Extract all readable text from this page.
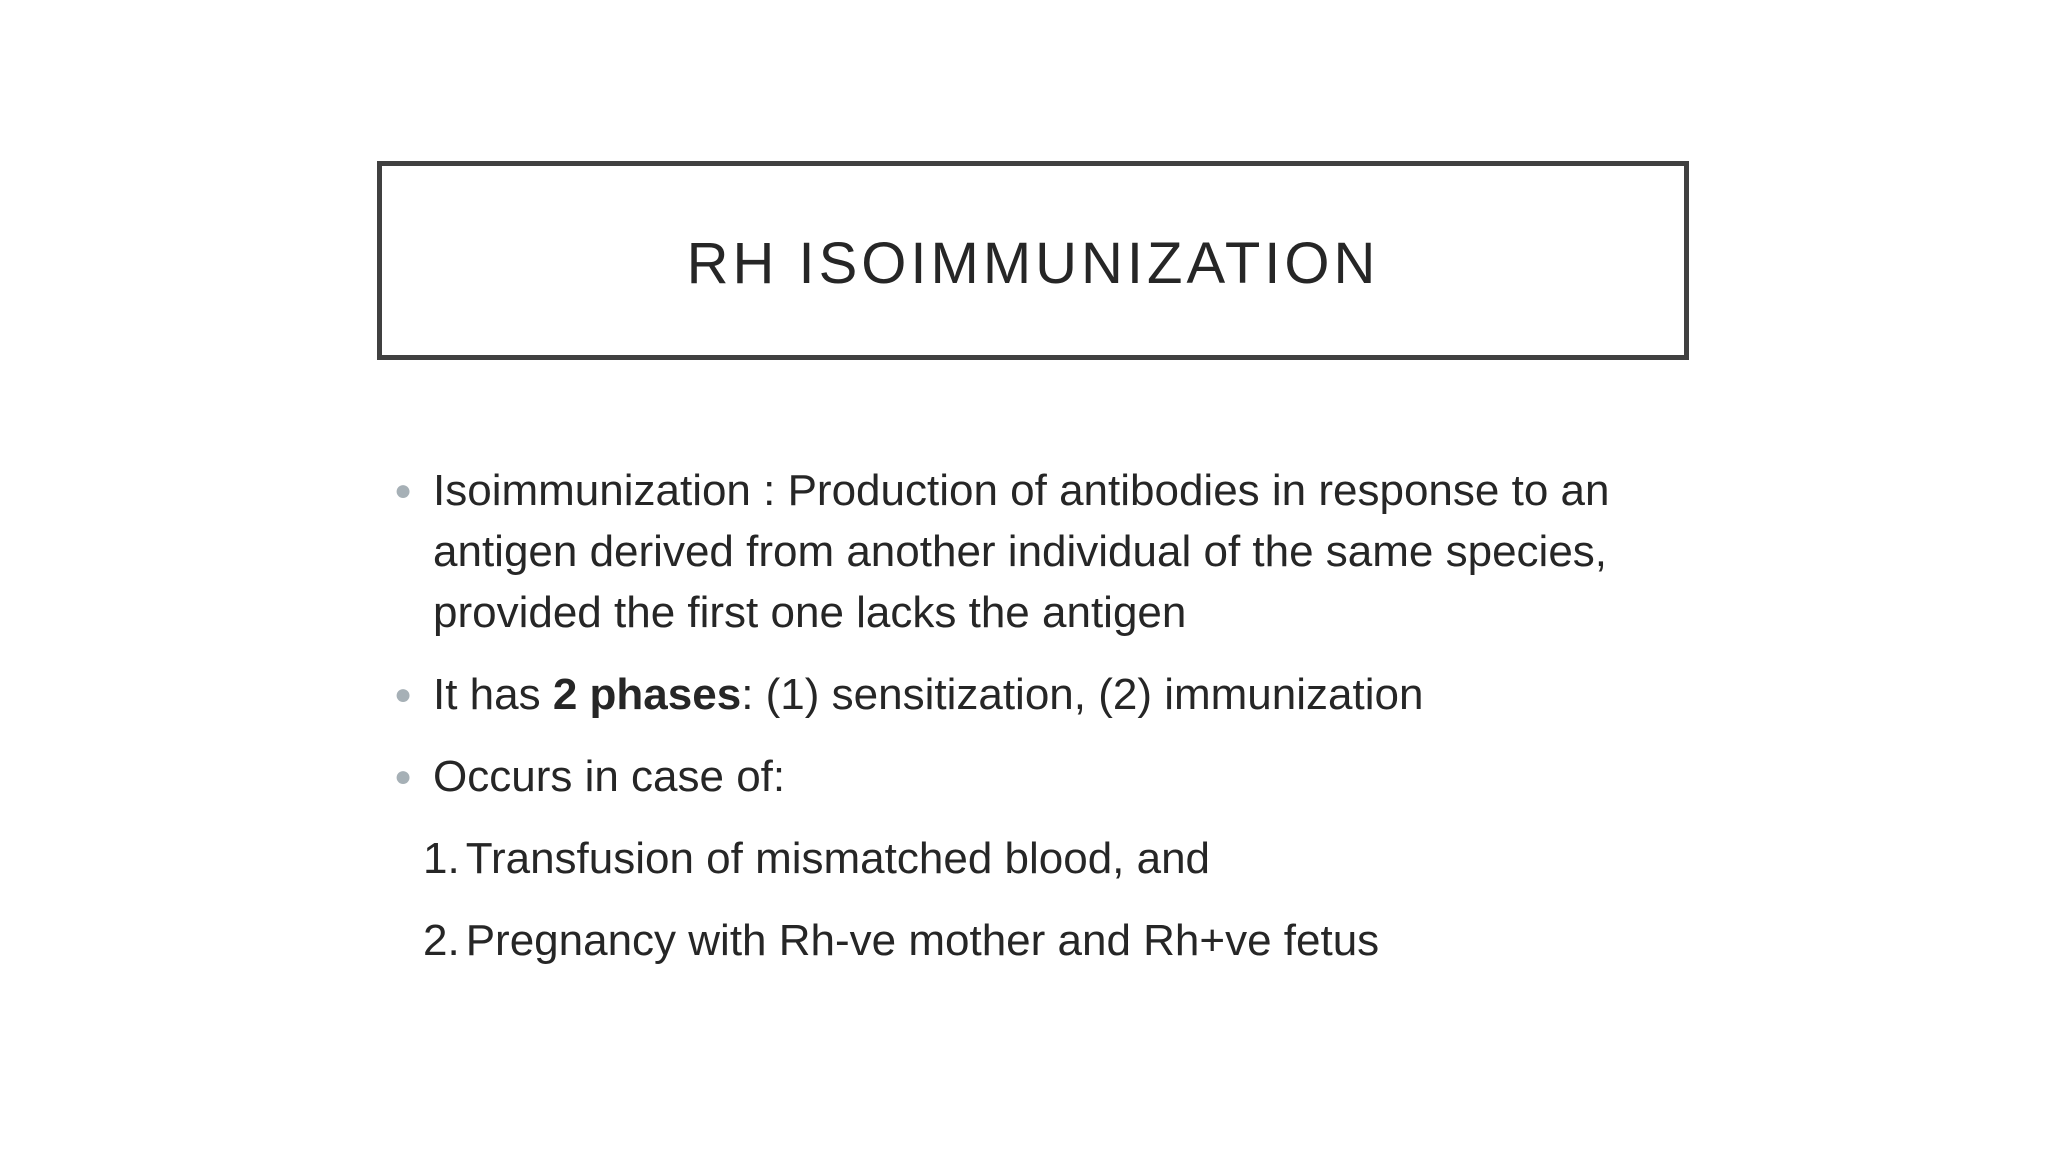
RH ISOIMMUNIZATION
● Isoimmunization : Production of antibodies in response to an antigen derived from another individual of the same species, provided the first one lacks the antigen
● It has 2 phases: (1) sensitization, (2) immunization
● Occurs in case of:
1. Transfusion of mismatched blood, and
2. Pregnancy with Rh-ve mother and Rh+ve fetus
